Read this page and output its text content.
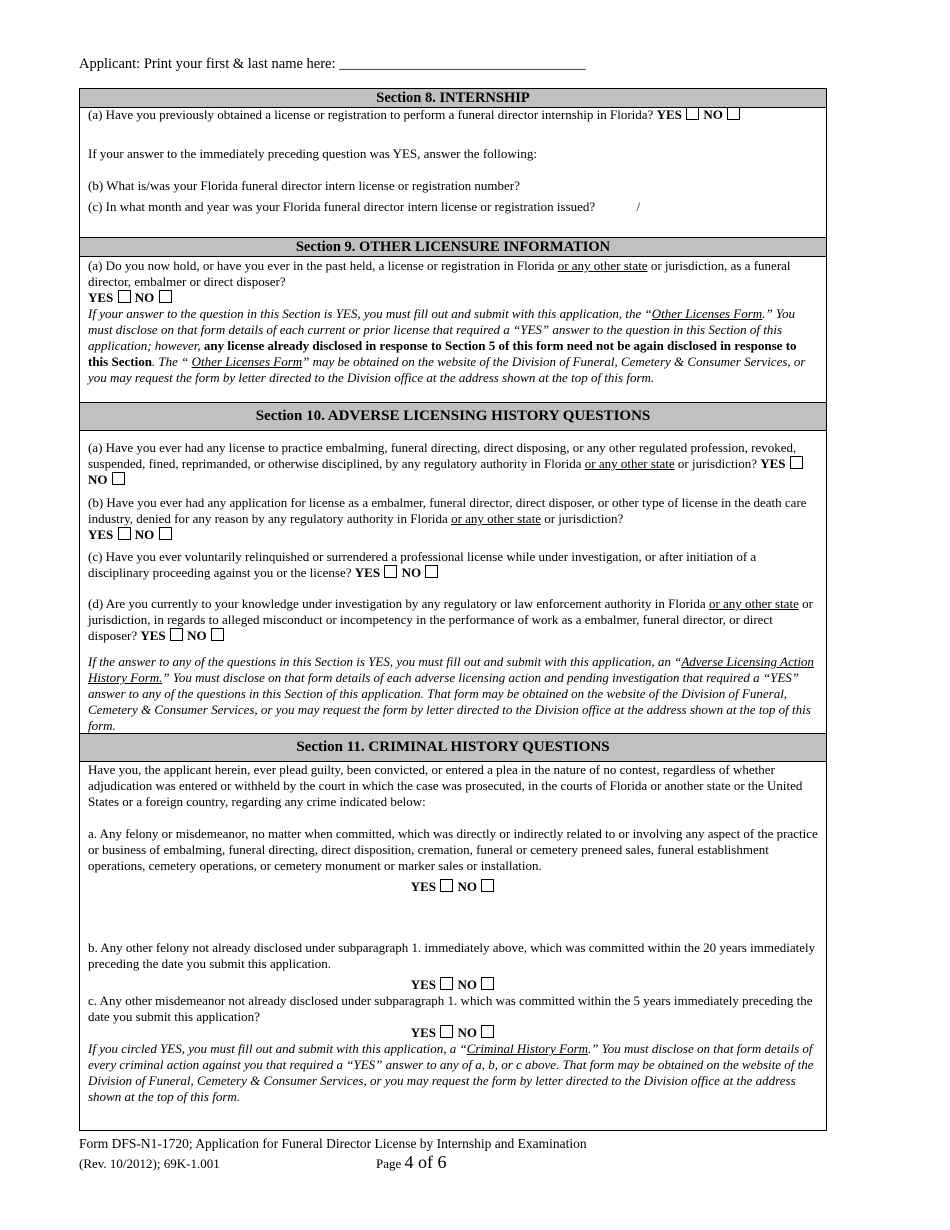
Applicant: Print your first & last name here: __________________________________
Section 8. INTERNSHIP
(a) Have you previously obtained a license or registration to perform a funeral director internship in Florida? YES NO
If your answer to the immediately preceding question was YES, answer the following:
(b) What is/was your Florida funeral director intern license or registration number?
(c) In what month and year was your Florida funeral director intern license or registration issued?	/
Section 9. OTHER LICENSURE INFORMATION
(a) Do you now hold, or have you ever in the past held, a license or registration in Florida or any other state or jurisdiction, as a funeral director, embalmer or direct disposer?
YES NO
If your answer to the question in this Section is YES, you must fill out and submit with this application, the “Other Licenses Form.” You must disclose on that form details of each current or prior license that required a “YES” answer to the question in this Section of this application; however, any license already disclosed in response to Section 5 of this form need not be again disclosed in response to this Section. The “ Other Licenses Form” may be obtained on the website of the Division of Funeral, Cemetery & Consumer Services, or you may request the form by letter directed to the Division office at the address shown at the top of this form.
Section 10. ADVERSE LICENSING HISTORY QUESTIONS
(a) Have you ever had any license to practice embalming, funeral directing, direct disposing, or any other regulated profession, revoked, suspended, fined, reprimanded, or otherwise disciplined, by any regulatory authority in Florida or any other state or jurisdiction? YES  NO
(b) Have you ever had any application for license as a embalmer, funeral director, direct disposer, or other type of license in the death care industry, denied for any reason by any regulatory authority in Florida or any other state or jurisdiction?
YES NO
(c) Have you ever voluntarily relinquished or surrendered a professional license while under investigation, or after initiation of a disciplinary proceeding against you or the license? YES NO
(d) Are you currently to your knowledge under investigation by any regulatory or law enforcement authority in Florida or any other state or jurisdiction, in regards to alleged misconduct or incompetency in the performance of work as a embalmer, funeral director, or direct disposer? YES NO
If the answer to any of the questions in this Section is YES, you must fill out and submit with this application, an “Adverse Licensing Action History Form.” You must disclose on that form details of each adverse licensing action and pending investigation that required a “YES” answer to any of the questions in this Section of this application. That form may be obtained on the website of the Division of Funeral, Cemetery & Consumer Services, or you may request the form by letter directed to the Division office at the address shown at the top of this form.
Section 11. CRIMINAL HISTORY QUESTIONS
Have you, the applicant herein, ever plead guilty, been convicted, or entered a plea in the nature of no contest, regardless of whether adjudication was entered or withheld by the court in which the case was prosecuted, in the courts of Florida or another state or the United States or a foreign country, regarding any crime indicated below:
a. Any felony or misdemeanor, no matter when committed, which was directly or indirectly related to or involving any aspect of the practice or business of embalming, funeral directing, direct disposition, cremation, funeral or cemetery preneed sales, funeral establishment operations, cemetery operations, or cemetery monument or marker sales or installation.
YES NO
b. Any other felony not already disclosed under subparagraph 1. immediately above, which was committed within the 20 years immediately preceding the date you submit this application.
YES NO
c. Any other misdemeanor not already disclosed under subparagraph 1. which was committed within the 5 years immediately preceding the date you submit this application?
YES NO
If you circled YES, you must fill out and submit with this application, a “Criminal History Form.” You must disclose on that form details of every criminal action against you that required a “YES” answer to any of a, b, or c above. That form may be obtained on the website of the Division of Funeral, Cemetery & Consumer Services, or you may request the form by letter directed to the Division office at the address shown at the top of this form.
Form DFS-N1-1720; Application for Funeral Director License by Internship and Examination
(Rev. 10/2012); 69K-1.001	Page 4 of 6
